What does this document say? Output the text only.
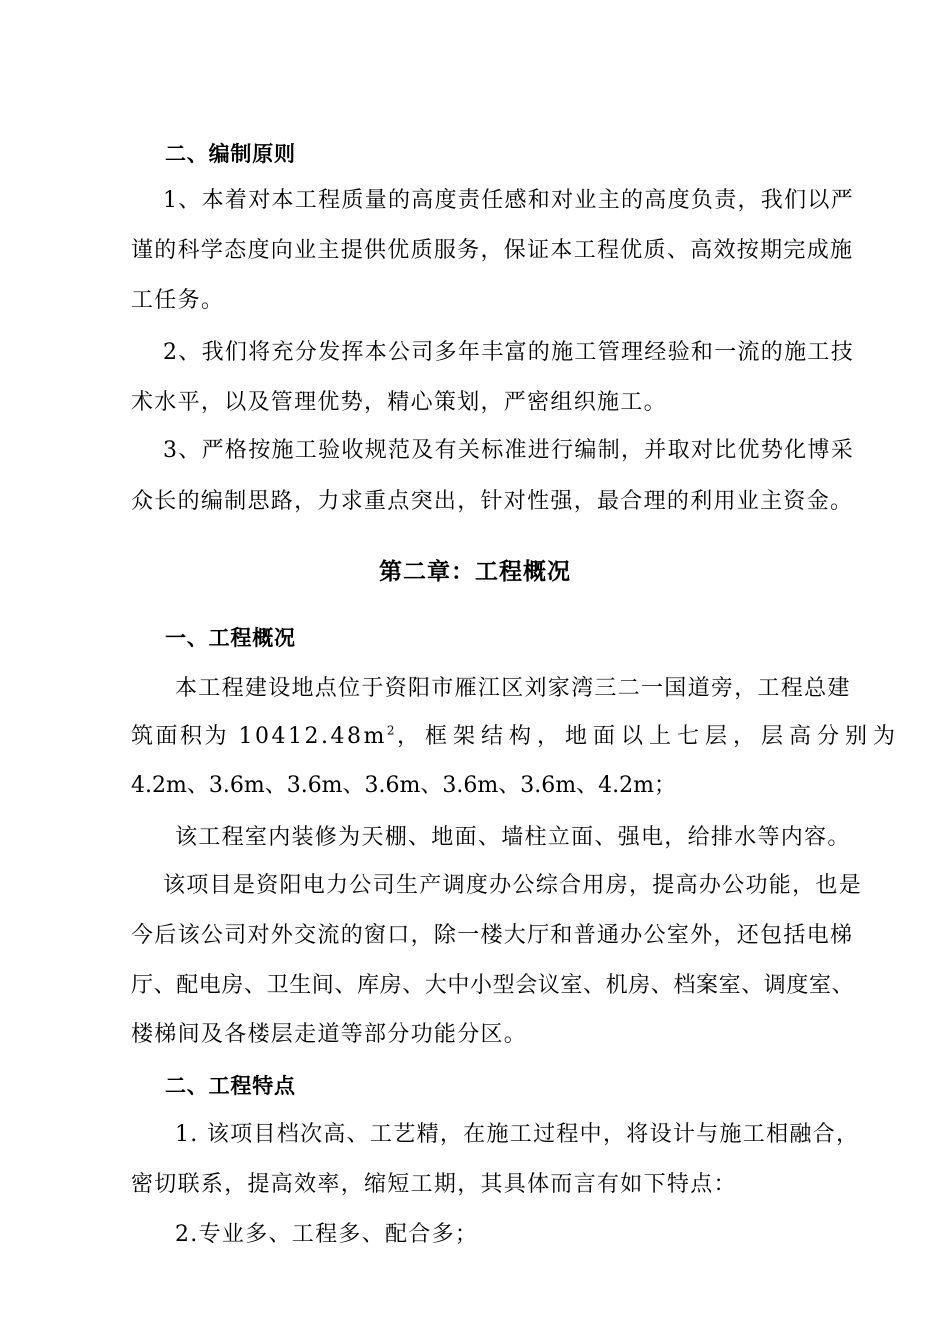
二、编制原则
1、本着对本工程质量的高度责任感和对业主的高度负责，我们以严
谨的科学态度向业主提供优质服务，保证本工程优质、高效按期完成施
工任务。
2、我们将充分发挥本公司多年丰富的施工管理经验和一流的施工技
术水平，以及管理优势，精心策划，严密组织施工。
3、严格按施工验收规范及有关标准进行编制，并取对比优势化博采
众长的编制思路，力求重点突出，针对性强，最合理的利用业主资金。
第二章：工程概况
一、工程概况
本工程建设地点位于资阳市雁江区刘家湾三二一国道旁，工程总建
筑面积为 $10412.48m^2$，框架结构，地面以上七层，层高分别为
4.2m、3.6m、3.6m、3.6m、3.6m、3.6m、4.2m；
该工程室内装修为天棚、地面、墙柱立面、强电，给排水等内容。
该项目是资阳电力公司生产调度办公综合用房，提高办公功能，也是
今后该公司对外交流的窗口，除一楼大厅和普通办公室外，还包括电梯
厅、配电房、卫生间、库房、大中小型会议室、机房、档案室、调度室、
楼梯间及各楼层走道等部分功能分区。
二、工程特点
1. 该项目档次高、工艺精，在施工过程中，将设计与施工相融合，
密切联系，提高效率，缩短工期，其具体而言有如下特点：
2.专业多、工程多、配合多；
